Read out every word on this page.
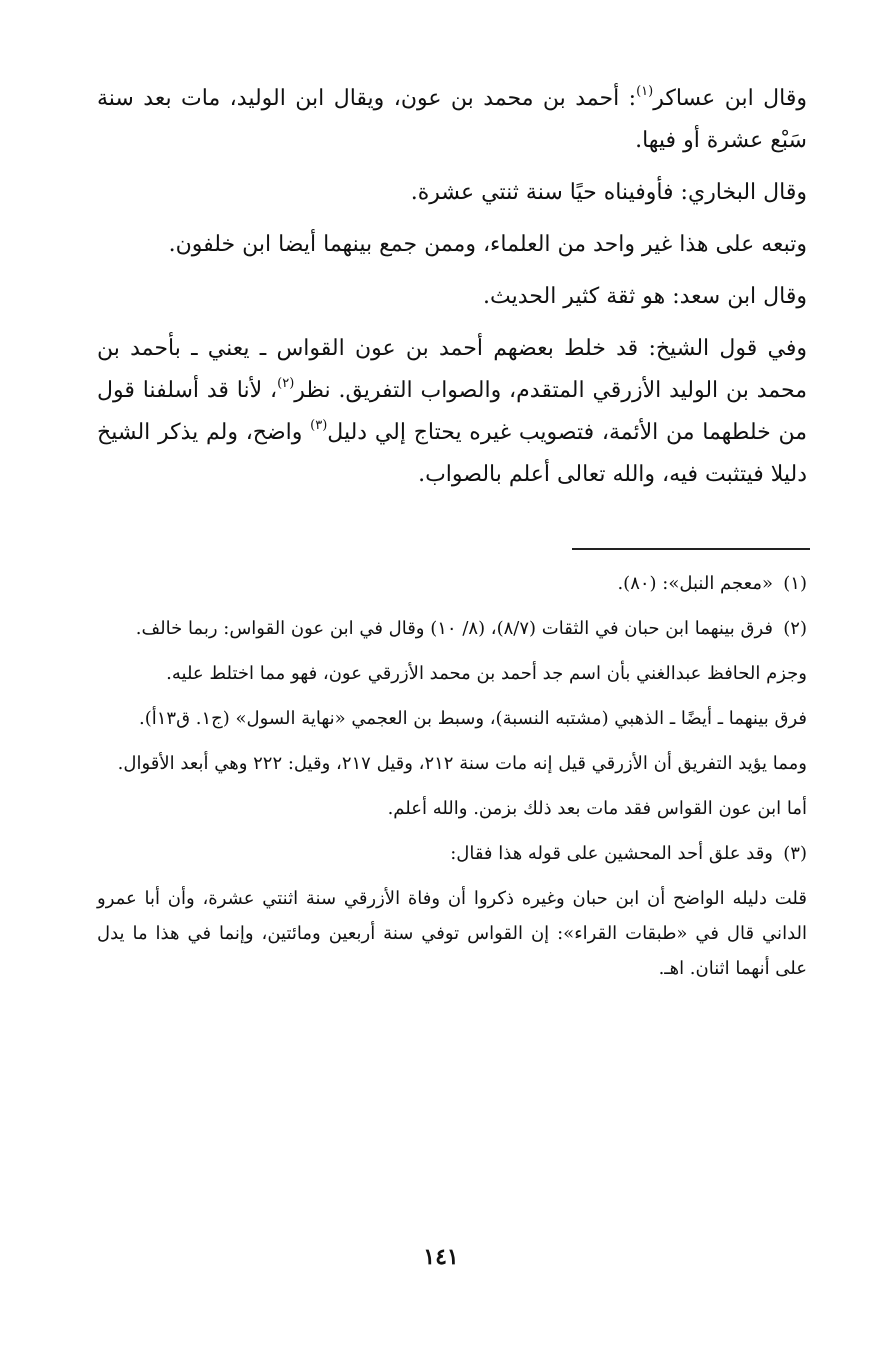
وقال ابن عساكر$^{(١)}$: أحمد بن محمد بن عون، ويقال ابن الوليد، مات بعد سنة سَبْع عشرة أو فيها.

وقال البخاري: فأوفيناه حيًا سنة ثنتي عشرة.

وتبعه على هذا غير واحد من العلماء، وممن جمع بينهما أيضا ابن خلفون.

وقال ابن سعد: هو ثقة كثير الحديث.

وفي قول الشيخ: قد خلط بعضهم أحمد بن عون القواس ـ يعني ـ بأحمد بن محمد بن الوليد الأزرقي المتقدم، والصواب التفريق. نظر$^{(٢)}$، لأنا قد أسلفنا قول من خلطهما من الأئمة، فتصويب غيره يحتاج إلي دليل$^{(٣)}$ واضح، ولم يذكر الشيخ دليلا فيتثبت فيه، والله تعالى أعلم بالصواب.

(١)
«معجم النبل»: (٨٠).
(٢)
فرق بينهما ابن حبان في الثقات (٨/٧)، (٨/ ١٠) وقال في ابن عون القواس: ربما خالف.

وجزم الحافظ عبدالغني بأن اسم جد أحمد بن محمد الأزرقي عون، فهو مما اختلط عليه.

فرق بينهما ـ أيضًا ـ الذهبي (مشتبه النسبة)، وسبط بن العجمي «نهاية السول» (ج١. ق١٣أ).

ومما يؤيد التفريق أن الأزرقي قيل إنه مات سنة ٢١٢، وقيل ٢١٧، وقيل: ٢٢٢ وهي أبعد الأقوال.

أما ابن عون القواس فقد مات بعد ذلك بزمن. والله أعلم.

(٣)
وقد علق أحد المحشين على قوله هذا فقال:

قلت دليله الواضح أن ابن حبان وغيره ذكروا أن وفاة الأزرقي سنة اثنتي عشرة، وأن أبا عمرو الداني قال في «طبقات القراء»: إن القواس توفي سنة أربعين ومائتين، وإنما في هذا ما يدل على أنهما اثنان. اهـ.

١٤١
